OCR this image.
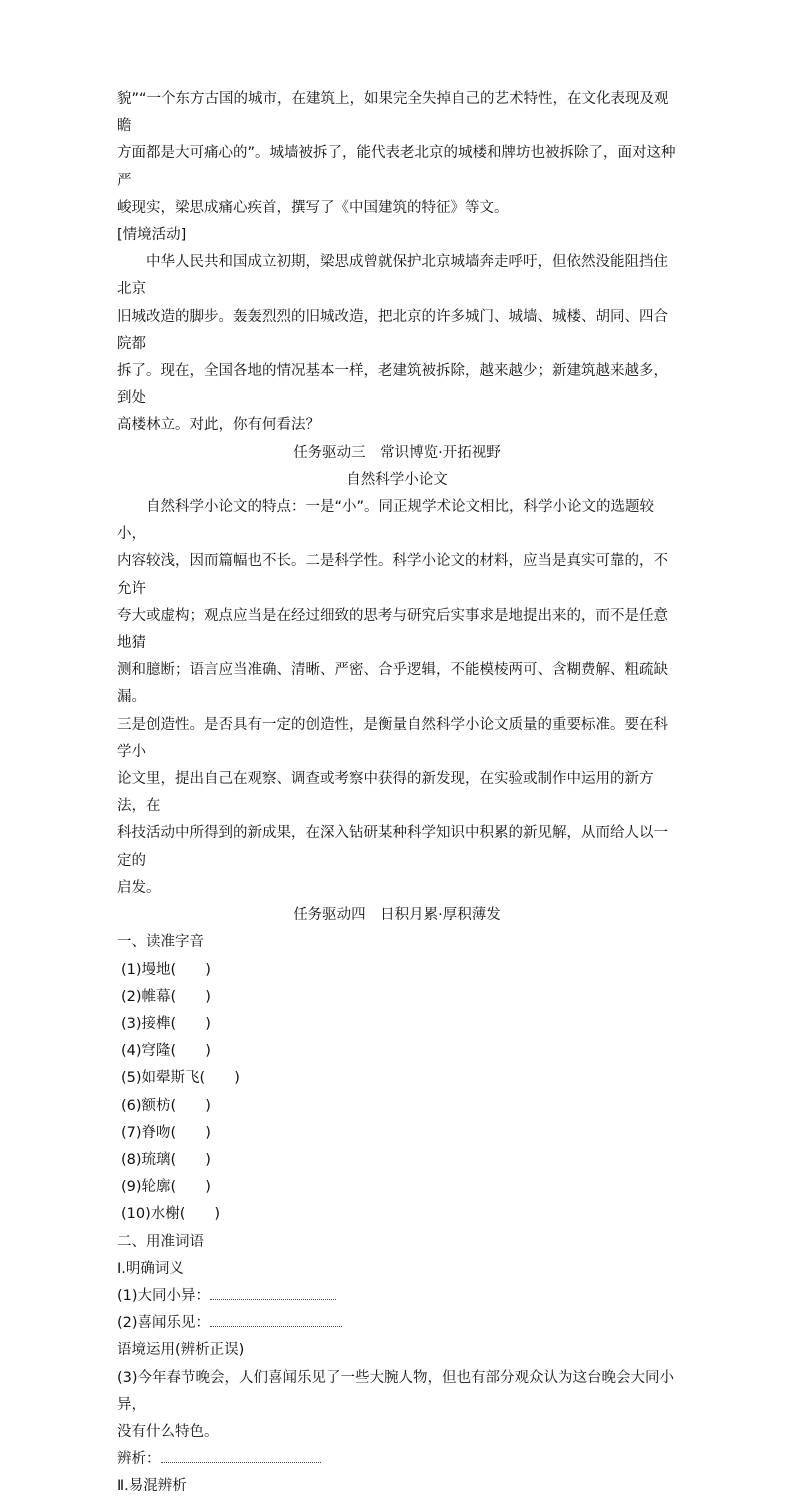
貌”“一个东方古国的城市，在建筑上，如果完全失掉自己的艺术特性，在文化表现及观瞻

方面都是大可痛心的”。城墙被拆了，能代表老北京的城楼和牌坊也被拆除了，面对这种严

峻现实，梁思成痛心疾首，撰写了《中国建筑的特征》等文。

[情境活动]

中华人民共和国成立初期，梁思成曾就保护北京城墙奔走呼吁，但依然没能阻挡住北京

旧城改造的脚步。轰轰烈烈的旧城改造，把北京的许多城门、城墙、城楼、胡同、四合院都

拆了。现在，全国各地的情况基本一样，老建筑被拆除，越来越少；新建筑越来越多，到处

高楼林立。对此，你有何看法？

任务驱动三　常识博览·开拓视野

自然科学小论文

自然科学小论文的特点：一是“小”。同正规学术论文相比，科学小论文的选题较小，

内容较浅，因而篇幅也不长。二是科学性。科学小论文的材料，应当是真实可靠的，不允许

夸大或虚构；观点应当是在经过细致的思考与研究后实事求是地提出来的，而不是任意地猜

测和臆断；语言应当准确、清晰、严密、合乎逻辑，不能模棱两可、含糊费解、粗疏缺漏。

三是创造性。是否具有一定的创造性，是衡量自然科学小论文质量的重要标准。要在科学小

论文里，提出自己在观察、调查或考察中获得的新发现，在实验或制作中运用的新方法，在

科技活动中所得到的新成果，在深入钻研某种科学知识中积累的新见解，从而给人以一定的

启发。

任务驱动四　日积月累·厚积薄发

一、读准字音

(1)墁地(　　)
(2)帷幕(　　)
(3)接榫(　　)
(4)穹隆(　　)
(5)如翚斯飞(　　)
(6)额枋(　　)
(7)脊吻(　　)
(8)琉璃(　　)
(9)轮廓(　　)
(10)水榭(　　)

二、用准词语

Ⅰ.明确词义

(1)大同小异：

(2)喜闻乐见：

语境运用(辨析正误)

(3)今年春节晚会，人们喜闻乐见了一些大腕人物，但也有部分观众认为这台晚会大同小异，

没有什么特色。

辨析：

Ⅱ.易混辨析
